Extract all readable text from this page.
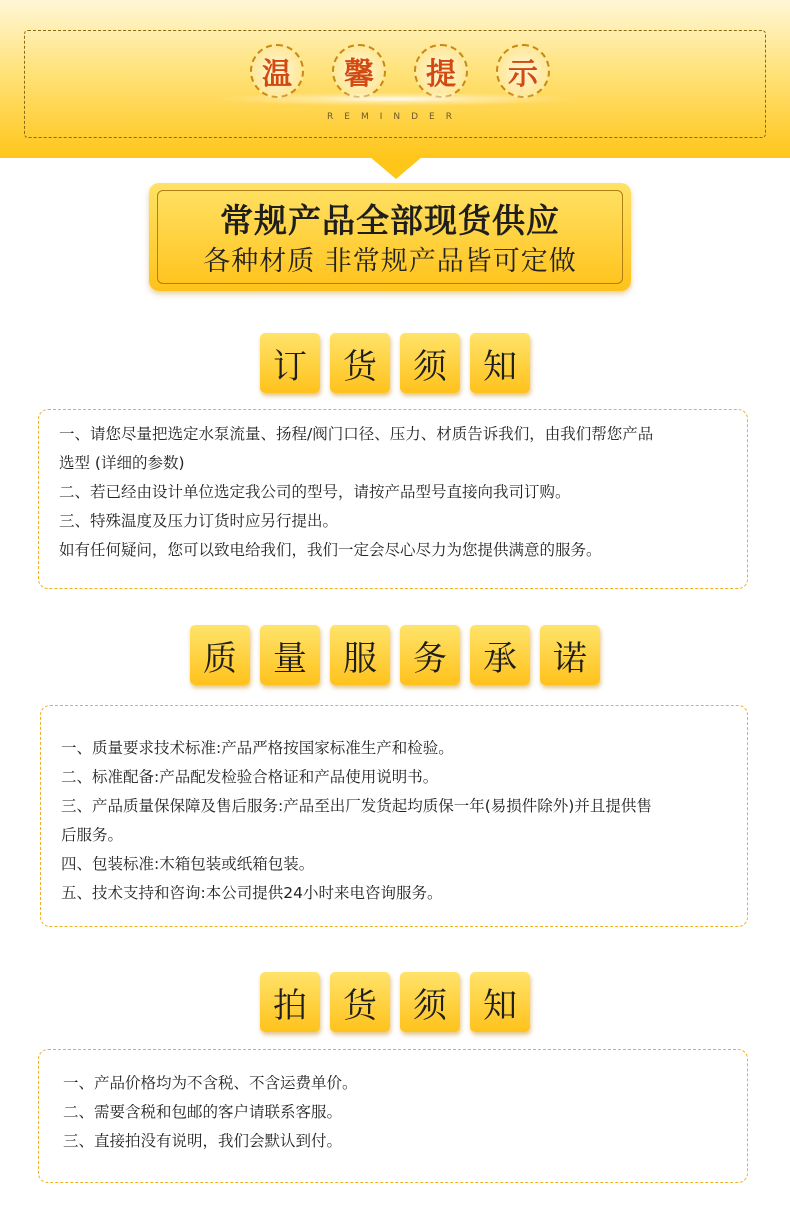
温	馨	提	示
REMINDER
常规产品全部现货供应
各种材质 非常规产品皆可定做
订	货	须	知

一、请您尽量把选定水泵流量、扬程/阀门口径、压力、材质告诉我们，由我们帮您产品

选型 (详细的参数)

二、若已经由设计单位选定我公司的型号，请按产品型号直接向我司订购。

三、特殊温度及压力订货时应另行提出。

如有任何疑问，您可以致电给我们，我们一定会尽心尽力为您提供满意的服务。

质	量	服	务	承	诺

一、质量要求技术标准:产品严格按国家标准生产和检验。

二、标准配备:产品配发检验合格证和产品使用说明书。

三、产品质量保保障及售后服务:产品至出厂发货起均质保一年(易损件除外)并且提供售

后服务。

四、包装标准:木箱包装或纸箱包装。

五、技术支持和咨询:本公司提供24小时来电咨询服务。

拍	货	须	知

一、产品价格均为不含税、不含运费单价。

二、需要含税和包邮的客户请联系客服。

三、直接拍没有说明，我们会默认到付。
